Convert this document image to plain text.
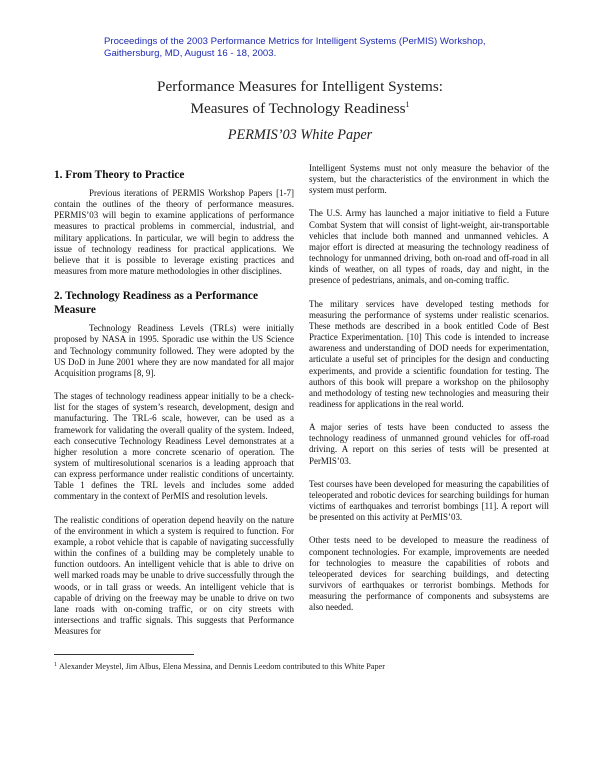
Proceedings of the 2003 Performance Metrics for Intelligent Systems (PerMIS) Workshop,
Gaithersburg, MD, August 16 - 18, 2003.
Performance Measures for Intelligent Systems:
Measures of Technology Readiness$^1$
PERMIS’03 White Paper
1. From Theory to Practice

Previous iterations of PERMIS Workshop Papers [1-7] contain the outlines of the theory of performance measures. PERMIS’03 will begin to examine applications of performance measures to practical problems in commercial, industrial, and military applications. In particular, we will begin to address the issue of technology readiness for practical applications. We believe that it is possible to leverage existing practices and measures from more mature methodologies in other disciplines.

2. Technology Readiness as a Performance Measure

Technology Readiness Levels (TRLs) were initially proposed by NASA in 1995. Sporadic use within the US Science and Technology community followed. They were adopted by the US DoD in June 2001 where they are now mandated for all major Acquisition programs [8, 9].

The stages of technology readiness appear initially to be a check-list for the stages of system’s research, development, design and manufacturing. The TRL-6 scale, however, can be used as a framework for validating the overall quality of the system. Indeed, each consecutive Technology Readiness Level demonstrates at a higher resolution a more concrete scenario of operation. The system of multiresolutional scenarios is a leading approach that can express performance under realistic conditions of uncertainty. Table 1 defines the TRL levels and includes some added commentary in the context of PerMIS and resolution levels.

The realistic conditions of operation depend heavily on the nature of the environment in which a system is required to function. For example, a robot vehicle that is capable of navigating successfully within the confines of a building may be completely unable to function outdoors. An intelligent vehicle that is able to drive on well marked roads may be unable to drive successfully through the woods, or in tall grass or weeds. An intelligent vehicle that is capable of driving on the freeway may be unable to drive on two lane roads with on-coming traffic, or on city streets with intersections and traffic signals. This suggests that Performance Measures for

Intelligent Systems must not only measure the behavior of the system, but the characteristics of the environment in which the system must perform.

The U.S. Army has launched a major initiative to field a Future Combat System that will consist of light-weight, air-transportable vehicles that include both manned and unmanned vehicles. A major effort is directed at measuring the technology readiness of technology for unmanned driving, both on-road and off-road in all kinds of weather, on all types of roads, day and night, in the presence of pedestrians, animals, and on-coming traffic.

The military services have developed testing methods for measuring the performance of systems under realistic scenarios. These methods are described in a book entitled Code of Best Practice Experimentation. [10] This code is intended to increase awareness and understanding of DOD needs for experimentation, articulate a useful set of principles for the design and conducting experiments, and provide a scientific foundation for testing. The authors of this book will prepare a workshop on the philosophy and methodology of testing new technologies and measuring their readiness for applications in the real world.

A major series of tests have been conducted to assess the technology readiness of unmanned ground vehicles for off-road driving. A report on this series of tests will be presented at PerMIS’03.

Test courses have been developed for measuring the capabilities of teleoperated and robotic devices for searching buildings for human victims of earthquakes and terrorist bombings [11]. A report will be presented on this activity at PerMIS’03.

Other tests need to be developed to measure the readiness of component technologies. For example, improvements are needed for technologies to measure the capabilities of robots and teleoperated devices for searching buildings, and detecting survivors of earthquakes or terrorist bombings. Methods for measuring the performance of components and subsystems are also needed.

$^1$ Alexander Meystel, Jim Albus, Elena Messina, and Dennis Leedom contributed to this White Paper
